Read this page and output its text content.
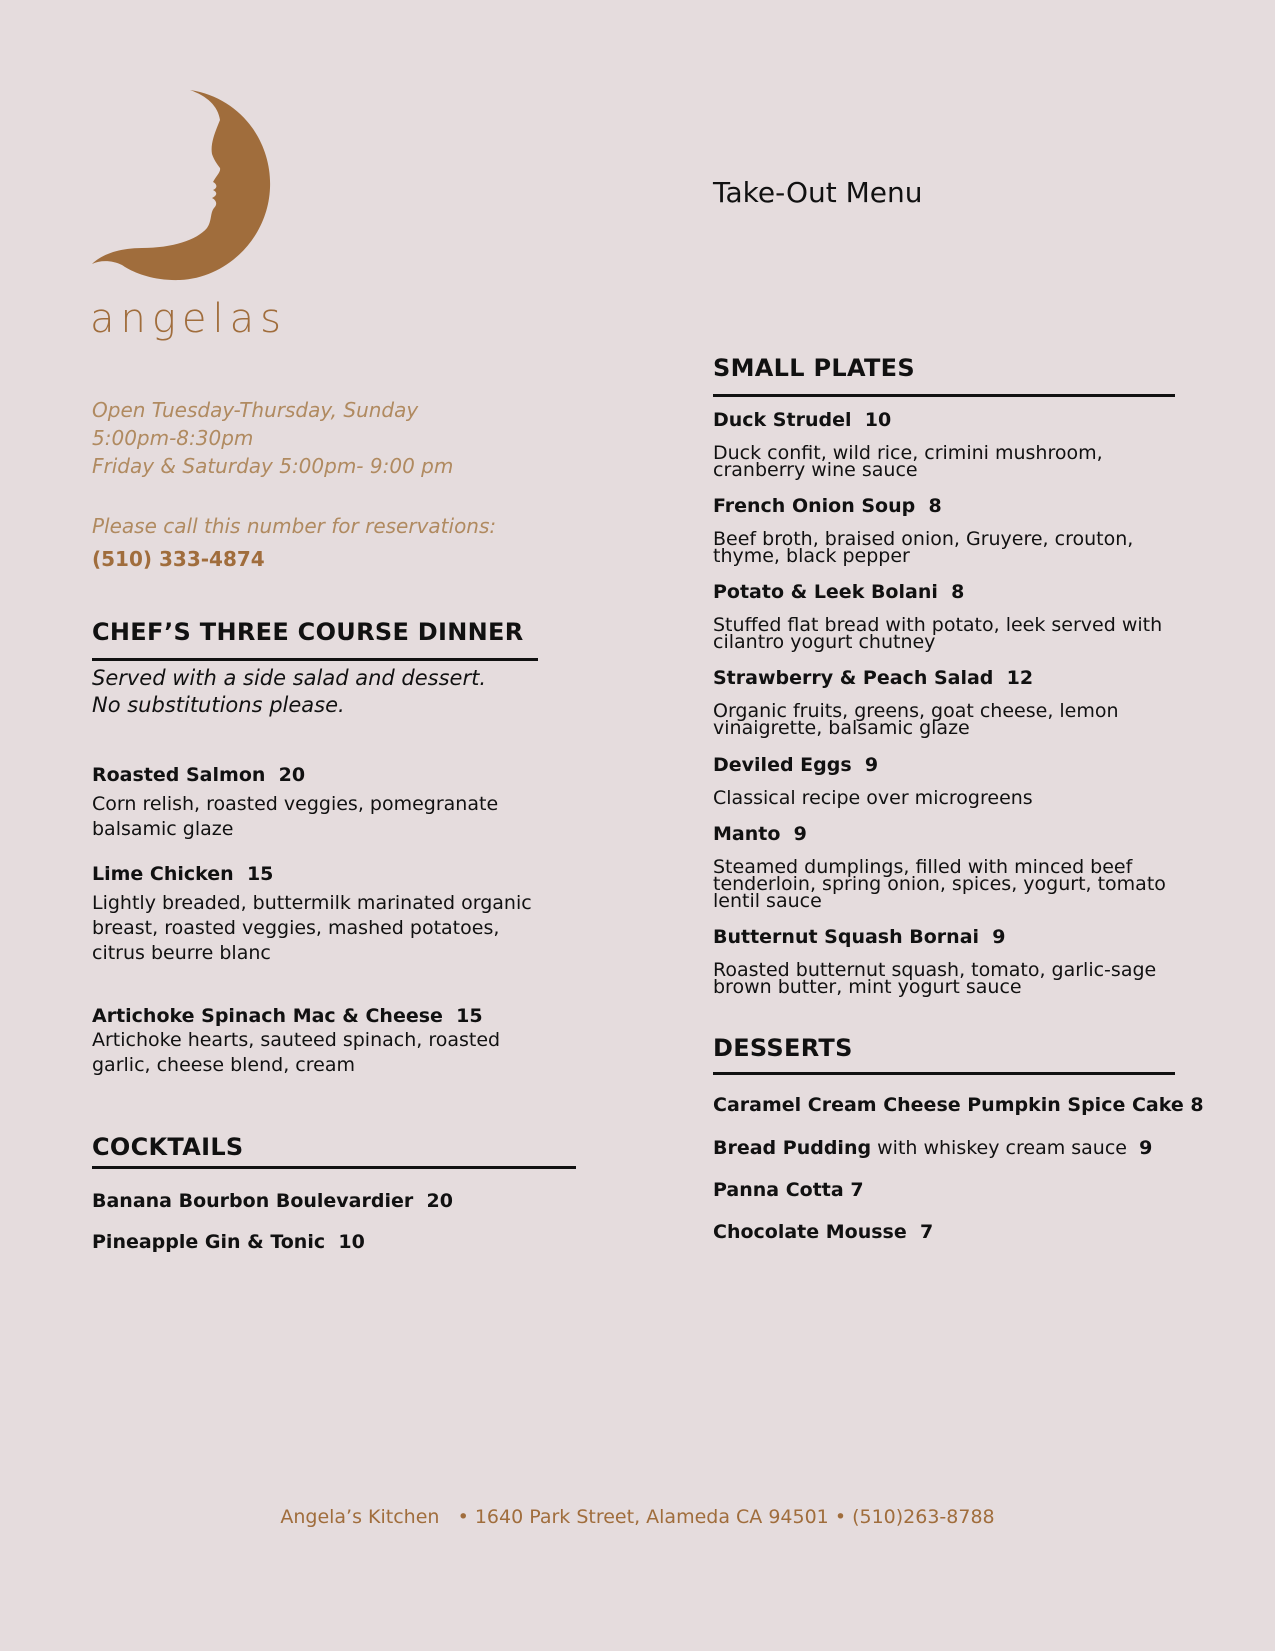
angelas
Open Tuesday-Thursday, Sunday
5:00pm-8:30pm
Friday & Saturday 5:00pm- 9:00 pm
Please call this number for reservations:
(510) 333-4874
CHEF’S THREE COURSE DINNER
Served with a side salad and dessert.
No substitutions please.
Roasted Salmon 20
Corn relish, roasted veggies, pomegranate balsamic glaze
Lime Chicken 15
Lightly breaded, buttermilk marinated organic breast, roasted veggies, mashed potatoes, citrus beurre blanc
Artichoke Spinach Mac & Cheese 15
Artichoke hearts, sauteed spinach, roasted garlic, cheese blend, cream
COCKTAILS
Banana Bourbon Boulevardier 20
Pineapple Gin & Tonic 10
Take-Out Menu
SMALL PLATES
Duck Strudel 10
Duck confit, wild rice, crimini mushroom, cranberry wine sauce
French Onion Soup 8
Beef broth, braised onion, Gruyere, crouton, thyme, black pepper
Potato & Leek Bolani 8
Stuffed flat bread with potato, leek served with cilantro yogurt chutney
Strawberry & Peach Salad 12
Organic fruits, greens, goat cheese, lemon vinaigrette, balsamic glaze
Deviled Eggs 9
Classical recipe over microgreens
Manto 9
Steamed dumplings, filled with minced beef tenderloin, spring onion, spices, yogurt, tomato lentil sauce
Butternut Squash Bornai 9
Roasted butternut squash, tomato, garlic-sage brown butter, mint yogurt sauce
DESSERTS
Caramel Cream Cheese Pumpkin Spice Cake 8
Bread Pudding with whiskey cream sauce 9
Panna Cotta 7
Chocolate Mousse 7
Angela’s Kitchen • 1640 Park Street, Alameda CA 94501 • (510)263-8788
